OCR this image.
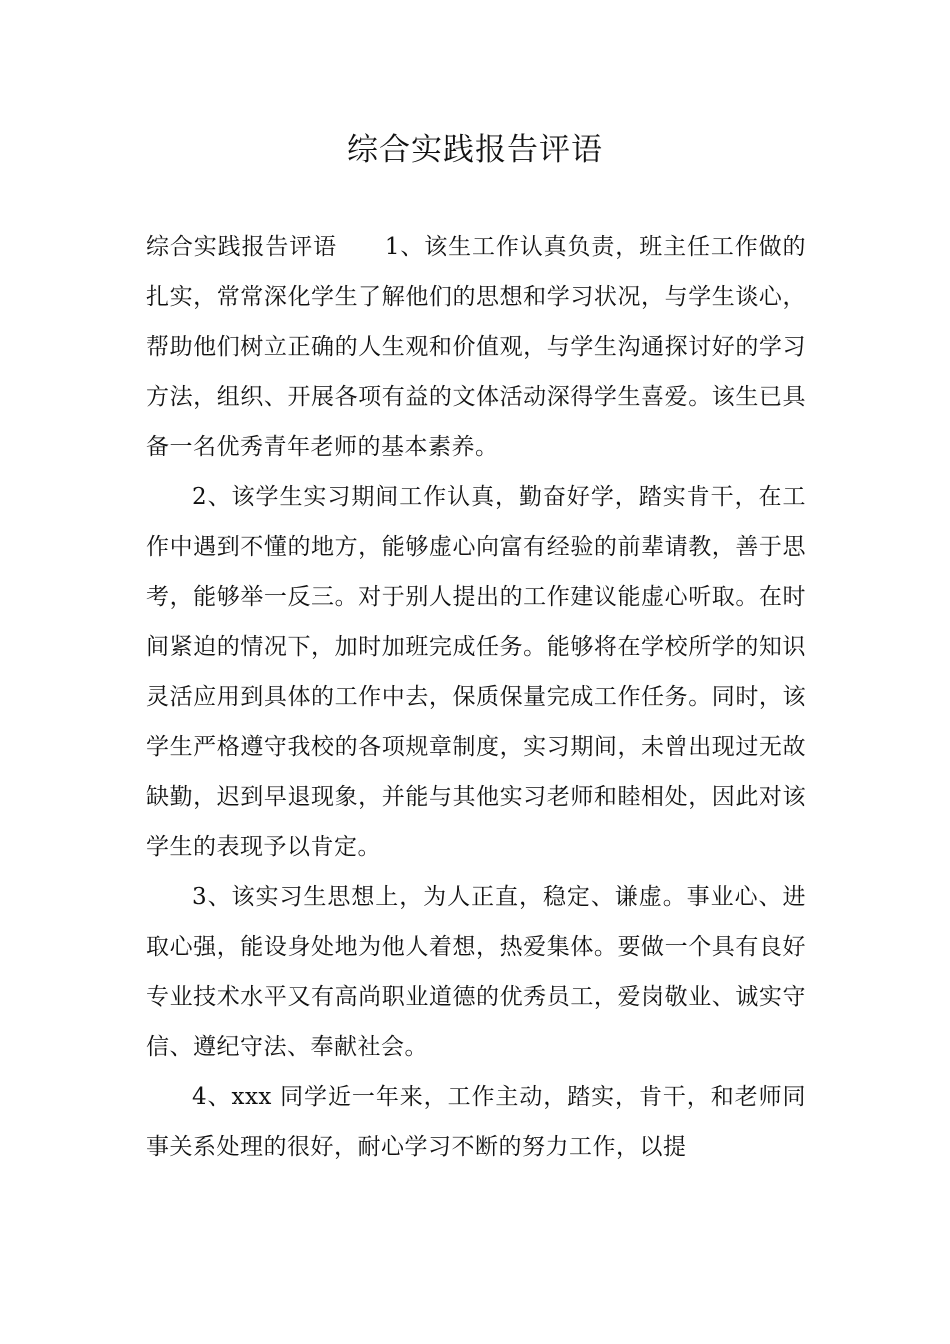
综合实践报告评语

综合实践报告评语　　1、该生工作认真负责，班主任工作做的扎实，常常深化学生了解他们的思想和学习状况，与学生谈心，帮助他们树立正确的人生观和价值观，与学生沟通探讨好的学习方法，组织、开展各项有益的文体活动深得学生喜爱。该生已具备一名优秀青年老师的基本素养。

2、该学生实习期间工作认真，勤奋好学，踏实肯干，在工作中遇到不懂的地方，能够虚心向富有经验的前辈请教，善于思考，能够举一反三。对于别人提出的工作建议能虚心听取。在时间紧迫的情况下，加时加班完成任务。能够将在学校所学的知识灵活应用到具体的工作中去，保质保量完成工作任务。同时，该学生严格遵守我校的各项规章制度，实习期间，未曾出现过无故缺勤，迟到早退现象，并能与其他实习老师和睦相处，因此对该学生的表现予以肯定。

3、该实习生思想上，为人正直，稳定、谦虚。事业心、进取心强，能设身处地为他人着想，热爱集体。要做一个具有良好专业技术水平又有高尚职业道德的优秀员工，爱岗敬业、诚实守信、遵纪守法、奉献社会。

4、xxx 同学近一年来，工作主动，踏实，肯干，和老师同事关系处理的很好，耐心学习不断的努力工作，以提
